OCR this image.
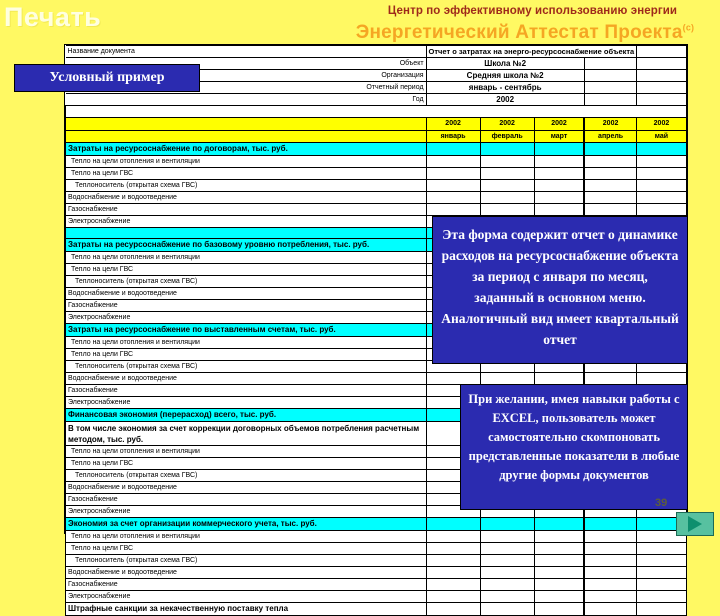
Печать	Центр по эффективному использованию энергии
Энергетический Аттестат Проекта$^{(с)}$
Название документа	Отчет о затратах на энерго-ресурсоснабжение объекта				
Объект	Школа №2				
Организация	Средняя школа №2				
Отчетный период	январь - сентябрь				
Год	2002				

	2002	2002	2002	2002	2002
	январь	февраль	март	апрель	май
Затраты на ресурсоснабжение по договорам, тыс. руб.					
Тепло на цели отопления и вентиляции					
Тепло на цели ГВС					
Теплоноситель (открытая схема ГВС)					
Водоснабжение и водоотведение					
Газоснабжение					
Электроснабжение					

Затраты на ресурсоснабжение по базовому уровню потребления, тыс. руб.					
Тепло на цели отопления и вентиляции					
Тепло на цели ГВС					
Теплоноситель (открытая схема ГВС)					
Водоснабжение и водоотведение					
Газоснабжение					
Электроснабжение					
Затраты на ресурсоснабжение по выставленным счетам, тыс. руб.					
Тепло на цели отопления и вентиляции					
Тепло на цели ГВС					
Теплоноситель (открытая схема ГВС)					
Водоснабжение и водоотведение					
Газоснабжение					
Электроснабжение					
Финансовая экономия (перерасход) всего, тыс. руб.					
В том числе экономия за счет коррекции договорных объемов потребления расчетным методом, тыс. руб.					
Тепло на цели отопления и вентиляции					
Тепло на цели ГВС					
Теплоноситель (открытая схема ГВС)					
Водоснабжение и водоотведение					
Газоснабжение					
Электроснабжение					
Экономия за счет организации коммерческого учета, тыс. руб.					
Тепло на цели отопления и вентиляции					
Тепло на цели ГВС					
Теплоноситель (открытая схема ГВС)					
Водоснабжение и водоотведение					
Газоснабжение					
Электроснабжение					
Штрафные санкции за некачественную поставку тепла					
Условный пример
Эта форма содержит отчет о динамике расходов на ресурсоснабжение объекта за период с января по месяц, заданный в основном меню. Аналогичный вид имеет квартальный отчет
При желании, имея навыки работы с EXCEL, пользователь может самостоятельно скомпоновать представленные показатели в любые другие формы документов
39
